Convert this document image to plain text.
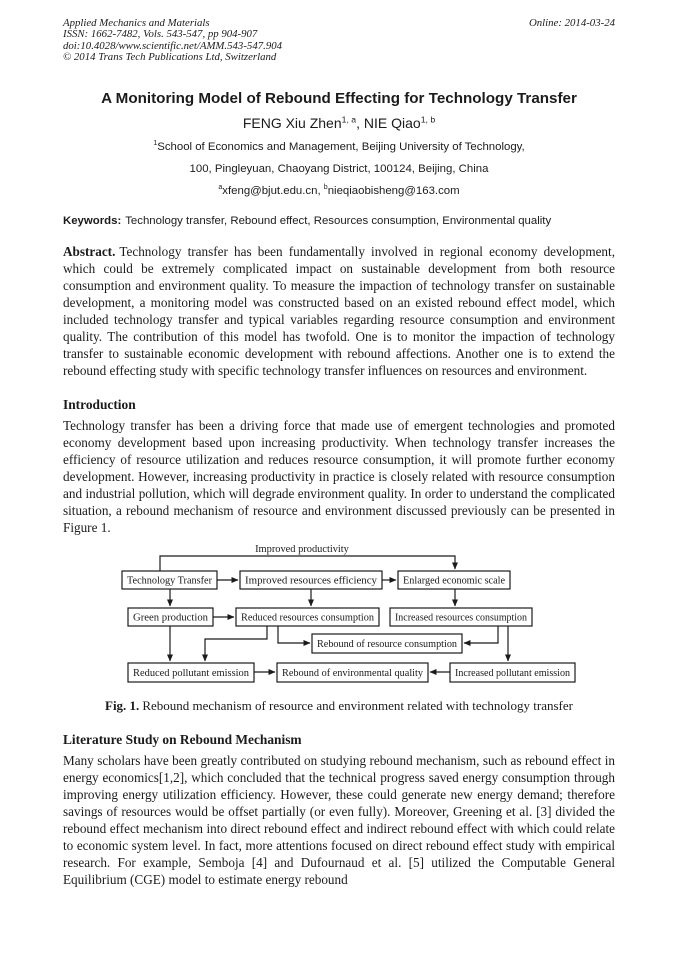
Applied Mechanics and Materials
ISSN: 1662-7482, Vols. 543-547, pp 904-907
doi:10.4028/www.scientific.net/AMM.543-547.904
© 2014 Trans Tech Publications Ltd, Switzerland
Online: 2014-03-24
A Monitoring Model of Rebound Effecting for Technology Transfer
FENG Xiu Zhen$^{1, a}$, NIE Qiao$^{1, b}$
$^1$School of Economics and Management, Beijing University of Technology,
100, Pingleyuan, Chaoyang District, 100124, Beijing, China
$^a$xfeng@bjut.edu.cn, $^b$nieqiaobisheng@163.com
Keywords: Technology transfer, Rebound effect, Resources consumption, Environmental quality

Abstract. Technology transfer has been fundamentally involved in regional economy development, which could be extremely complicated impact on sustainable development from both resource consumption and environment quality. To measure the impaction of technology transfer on sustainable development, a monitoring model was constructed based on an existed rebound effect model, which included technology transfer and typical variables regarding resource consumption and environment quality. The contribution of this model has twofold. One is to monitor the impaction of technology transfer to sustainable economic development with rebound affections. Another one is to extend the rebound effecting study with specific technology transfer influences on resources and environment.

Introduction

Technology transfer has been a driving force that made use of emergent technologies and promoted economy development based upon increasing productivity. When technology transfer increases the efficiency of resource utilization and reduces resource consumption, it will promote further economy development. However, increasing productivity in practice is closely related with resource consumption and industrial pollution, which will degrade environment quality. In order to understand the complicated situation, a rebound mechanism of resource and environment discussed previously can be presented in Figure 1.

Technology Transfer	Improved resources efficiency Enlarged economic scale
Green production	Reduced resources consumption Increased resources consumption
Rebound of resource consumption
Reduced pollutant emission	Rebound of environmental quality	Increased pollutant emission
Improved productivity
Fig. 1. Rebound mechanism of resource and environment related with technology transfer
Literature Study on Rebound Mechanism

Many scholars have been greatly contributed on studying rebound mechanism, such as rebound effect in energy economics[1,2], which concluded that the technical progress saved energy consumption through improving energy utilization efficiency. However, these could generate new energy demand; therefore savings of resources would be offset partially (or even fully). Moreover, Greening et al. [3] divided the rebound effect mechanism into direct rebound effect and indirect rebound effect with which could relate to economic system level. In fact, more attentions focused on direct rebound effect study with empirical research. For example, Semboja [4] and Dufournaud et al. [5] utilized the Computable General Equilibrium (CGE) model to estimate energy rebound
